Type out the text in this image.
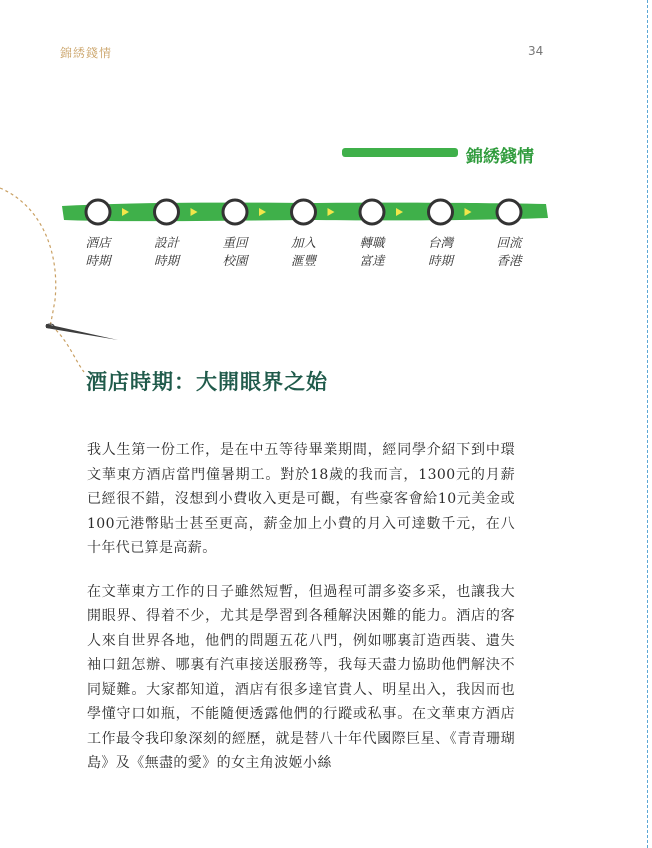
錦綉錢情	34
錦綉錢情
酒店
時期
設計
時期
重回
校園
加入
滙豐
轉職
富達
台灣
時期
回流
香港
酒店時期：大開眼界之始

我人生第一份工作，是在中五等待畢業期間，經同學介紹下到中環文華東方酒店當門僮暑期工。對於18歲的我而言，1300元的月薪已經很不錯，沒想到小費收入更是可觀，有些豪客會給10元美金或100元港幣貼士甚至更高，薪金加上小費的月入可達數千元，在八十年代已算是高薪。

在文華東方工作的日子雖然短暫，但過程可謂多姿多采，也讓我大開眼界、得着不少，尤其是學習到各種解決困難的能力。酒店的客人來自世界各地，他們的問題五花八門，例如哪裏訂造西裝、遺失袖口鈕怎辦、哪裏有汽車接送服務等，我每天盡力協助他們解決不同疑難。大家都知道，酒店有很多達官貴人、明星出入，我因而也學懂守口如瓶，不能隨便透露他們的行蹤或私事。在文華東方酒店工作最令我印象深刻的經歷，就是替八十年代國際巨星、《青青珊瑚島》及《無盡的愛》的女主角波姬小絲
